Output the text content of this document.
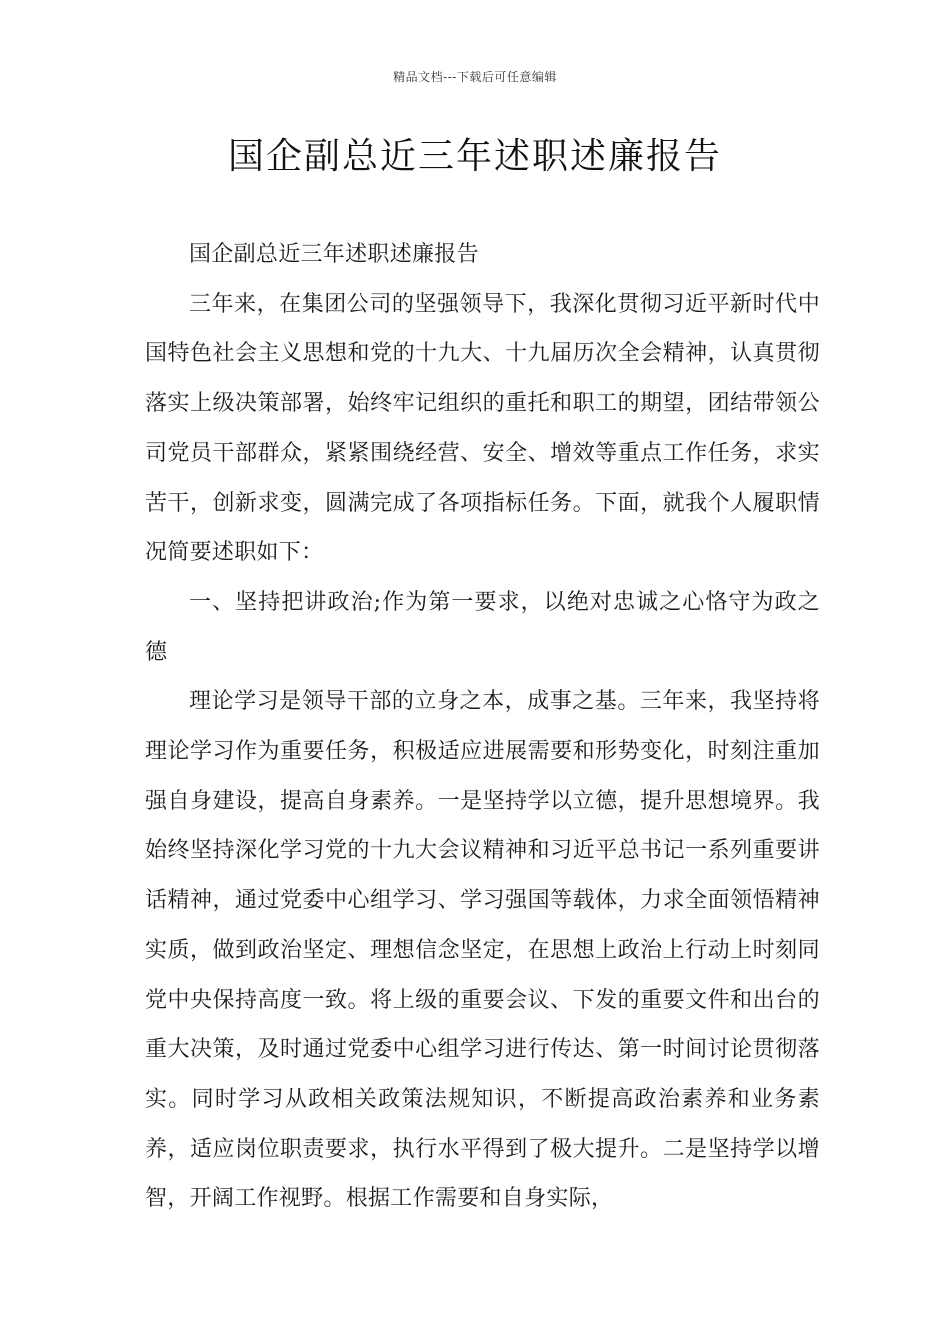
精品文档---下载后可任意编辑
国企副总近三年述职述廉报告

国企副总近三年述职述廉报告

三年来，在集团公司的坚强领导下，我深化贯彻习近平新时代中国特色社会主义思想和党的十九大、十九届历次全会精神，认真贯彻落实上级决策部署，始终牢记组织的重托和职工的期望，团结带领公司党员干部群众，紧紧围绕经营、安全、增效等重点工作任务，求实苦干，创新求变，圆满完成了各项指标任务。下面，就我个人履职情况简要述职如下：

一、坚持把讲政治;作为第一要求，以绝对忠诚之心恪守为政之德

理论学习是领导干部的立身之本，成事之基。三年来，我坚持将理论学习作为重要任务，积极适应进展需要和形势变化，时刻注重加强自身建设，提高自身素养。一是坚持学以立德，提升思想境界。我始终坚持深化学习党的十九大会议精神和习近平总书记一系列重要讲话精神，通过党委中心组学习、学习强国等载体，力求全面领悟精神实质，做到政治坚定、理想信念坚定，在思想上政治上行动上时刻同党中央保持高度一致。将上级的重要会议、下发的重要文件和出台的重大决策，及时通过党委中心组学习进行传达、第一时间讨论贯彻落实。同时学习从政相关政策法规知识，不断提高政治素养和业务素养，适应岗位职责要求，执行水平得到了极大提升。二是坚持学以增智，开阔工作视野。根据工作需要和自身实际，
